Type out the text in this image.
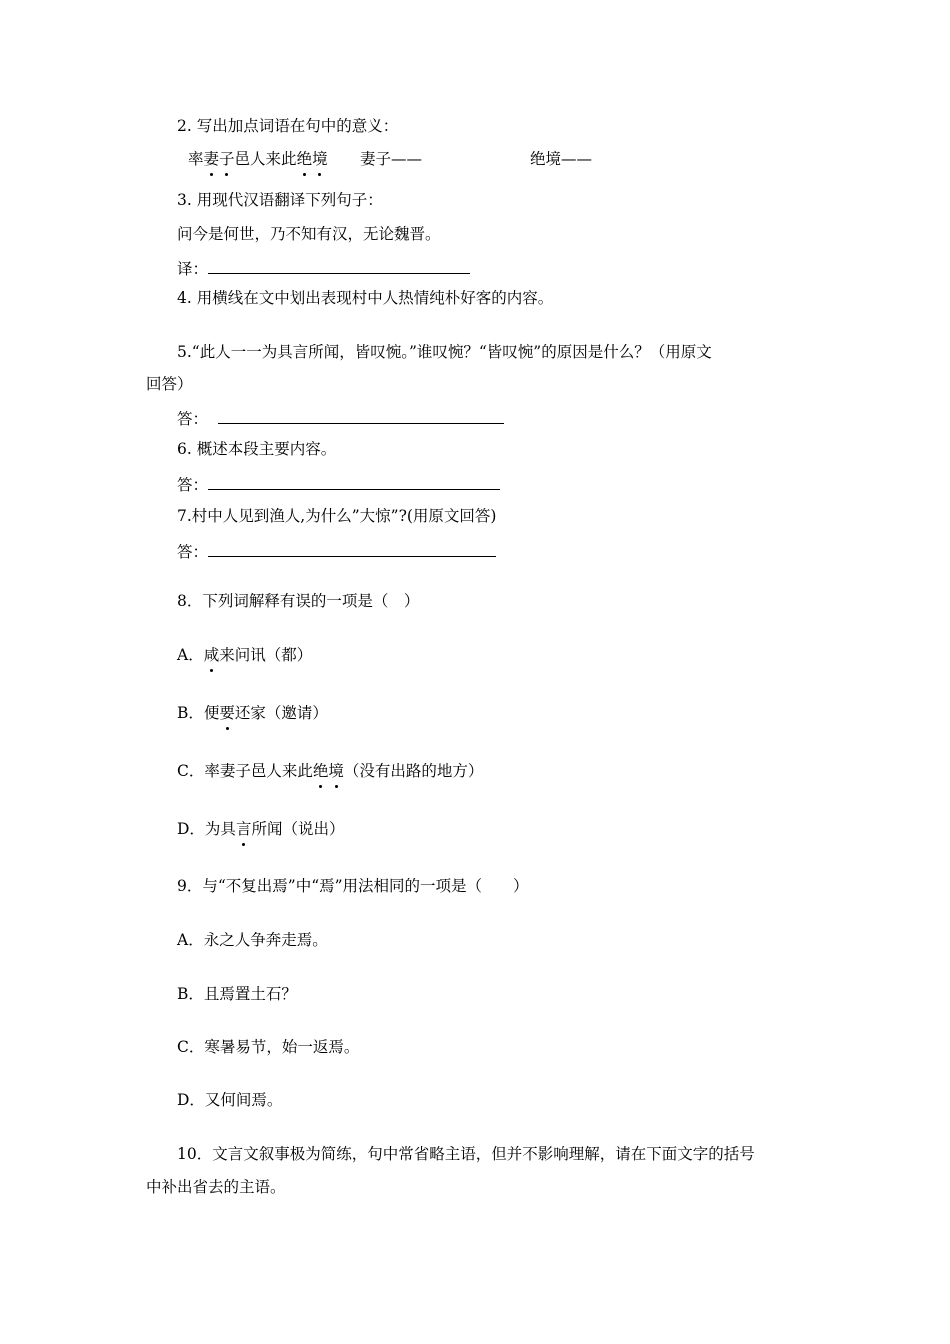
2. 写出加点词语在句中的意义：
率妻子邑人来此绝境 妻子——	绝境——
3. 用现代汉语翻译下列句子：
问今是何世，乃不知有汉，无论魏晋。
译：
4. 用横线在文中划出表现村中人热情纯朴好客的内容。
5.“此人一一为具言所闻，皆叹惋。”谁叹惋？“皆叹惋”的原因是什么？（用原文
回答）
答：
6. 概述本段主要内容。
答：
7.村中人见到渔人,为什么”大惊”?(用原文回答)
答：
8．下列词解释有误的一项是（　）
A．咸来问讯（都）
B．便要还家（邀请）
C．率妻子邑人来此绝境（没有出路的地方）
D．为具言所闻（说出）
9．与“不复出焉”中“焉”用法相同的一项是（　　）
A．永之人争奔走焉。
B．且焉置土石？
C．寒暑易节，始一返焉。
D．又何间焉。
10．文言文叙事极为简练，句中常省略主语，但并不影响理解，请在下面文字的括号
中补出省去的主语。
